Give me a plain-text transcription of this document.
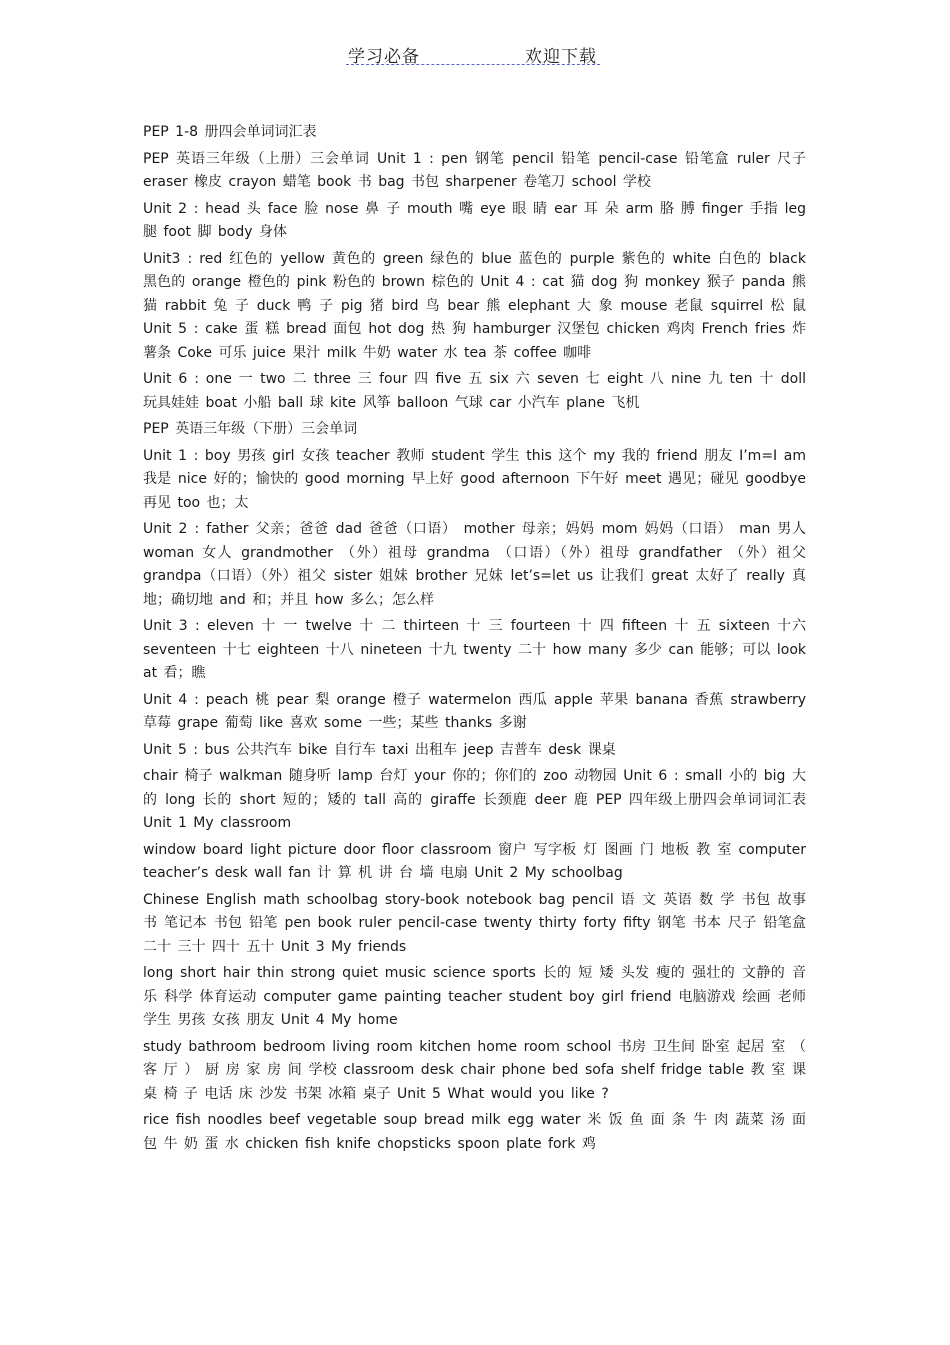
学习必备	欢迎下载

PEP 1-8 册四会单词词汇表

PEP 英语三年级（上册）三会单词 Unit 1 : pen 钢笔 pencil 铅笔 pencil-case 铅笔盒 ruler 尺子 eraser 橡皮 crayon 蜡笔 book 书 bag 书包 sharpener 卷笔刀 school 学校

Unit 2 : head 头 face 脸 nose 鼻 子 mouth 嘴 eye 眼 睛 ear 耳 朵 arm 胳 膊 finger 手指 leg 腿 foot 脚 body 身体

Unit3 : red 红色的 yellow 黄色的 green 绿色的 blue 蓝色的 purple 紫色的 white 白色的 black 黑色的 orange 橙色的 pink 粉色的 brown 棕色的 Unit 4 : cat 猫 dog 狗 monkey 猴子 panda 熊 猫 rabbit 兔 子 duck 鸭 子 pig 猪 bird 鸟 bear 熊 elephant 大 象 mouse 老鼠 squirrel 松 鼠 Unit 5 : cake 蛋 糕 bread 面包 hot dog 热 狗 hamburger 汉堡包 chicken 鸡肉 French fries 炸薯条 Coke 可乐 juice 果汁 milk 牛奶 water 水 tea 茶 coffee 咖啡

Unit 6 : one 一 two 二 three 三 four 四 five 五 six 六 seven 七 eight 八 nine 九 ten 十 doll 玩具娃娃 boat 小船 ball 球 kite 风筝 balloon 气球 car 小汽车 plane 飞机

PEP 英语三年级（下册）三会单词

Unit 1 : boy 男孩 girl 女孩 teacher 教师 student 学生 this 这个 my 我的 friend 朋友 I’m=I am 我是 nice 好的；愉快的 good morning 早上好 good afternoon 下午好 meet 遇见；碰见 goodbye 再见 too 也；太

Unit 2 : father 父亲；爸爸 dad 爸爸（口语） mother 母亲；妈妈 mom 妈妈（口语） man 男人 woman 女人 grandmother （外）祖母 grandma （口语）（外）祖母 grandfather （外）祖父 grandpa（口语）（外）祖父 sister 姐妹 brother 兄妹 let’s=let us 让我们 great 太好了 really 真地；确切地 and 和；并且 how 多么；怎么样

Unit 3 : eleven 十 一 twelve 十 二 thirteen 十 三 fourteen 十 四 fifteen 十 五 sixteen 十六 seventeen 十七 eighteen 十八 nineteen 十九 twenty 二十 how many 多少 can 能够；可以 look at 看；瞧

Unit 4 : peach 桃 pear 梨 orange 橙子 watermelon 西瓜 apple 苹果 banana 香蕉 strawberry 草莓 grape 葡萄 like 喜欢 some 一些；某些 thanks 多谢

Unit 5 : bus 公共汽车 bike 自行车 taxi 出租车 jeep 吉普车 desk 课桌

chair 椅子 walkman 随身听 lamp 台灯 your 你的；你们的 zoo 动物园 Unit 6 : small 小的 big 大的 long 长的 short 短的；矮的 tall 高的 giraffe 长颈鹿 deer 鹿 PEP 四年级上册四会单词词汇表 Unit 1 My classroom

window board light picture door floor classroom 窗户 写字板 灯 图画 门 地板 教 室 computer teacher’s desk wall fan 计 算 机 讲 台 墙 电扇 Unit 2 My schoolbag

Chinese English math schoolbag story-book notebook bag pencil 语 文 英语 数 学 书包 故事书 笔记本 书包 铅笔 pen book ruler pencil-case twenty thirty forty fifty 钢笔 书本 尺子 铅笔盒 二十 三十 四十 五十 Unit 3 My friends

long short hair thin strong quiet music science sports 长的 短 矮 头发 瘦的 强壮的 文静的 音乐 科学 体育运动 computer game painting teacher student boy girl friend 电脑游戏 绘画 老师 学生 男孩 女孩 朋友 Unit 4 My home

study bathroom bedroom living room kitchen home room school 书房 卫生间 卧室 起居 室 （ 客 厅 ） 厨 房 家 房 间 学校 classroom desk chair phone bed sofa shelf fridge table 教 室 课 桌 椅 子 电话 床 沙发 书架 冰箱 桌子 Unit 5 What would you like ?

rice fish noodles beef vegetable soup bread milk egg water 米 饭 鱼 面 条 牛 肉 蔬菜 汤 面 包 牛 奶 蛋 水 chicken fish knife chopsticks spoon plate fork 鸡
